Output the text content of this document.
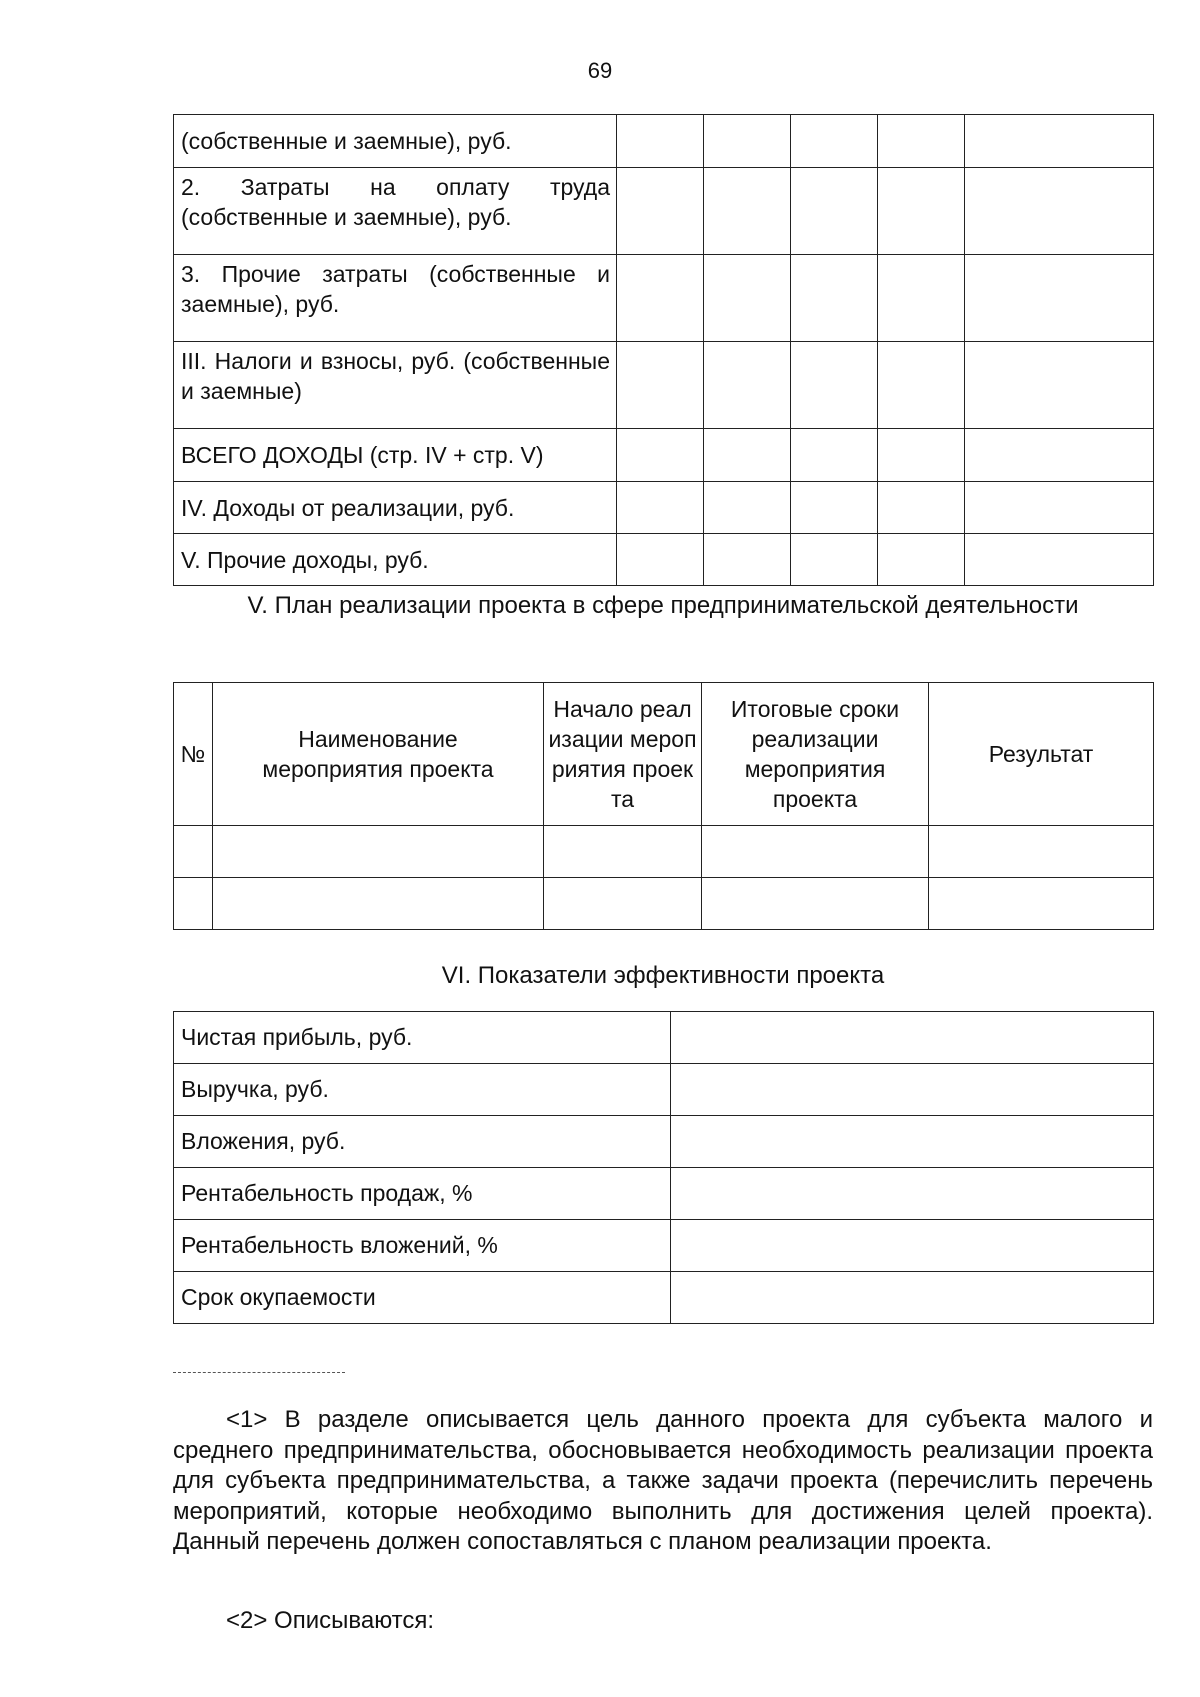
69
(собственные и заемные), руб.					
2. Затраты на оплату труда (собственные и заемные), руб.					
3. Прочие затраты (собственные и заемные), руб.					
III. Налоги и взносы, руб. (собственные и заемные)					
ВСЕГО ДОХОДЫ (стр. IV + стр. V)					
IV. Доходы от реализации, руб.					
V. Прочие доходы, руб.					
V. План реализации проекта в сфере предпринимательской деятельности
№	Наименование мероприятия проекта	Начало реализации мероприятия проекта	Итоговые сроки реализации мероприятия проекта	Результат

VI. Показатели эффективности проекта
Чистая прибыль, руб.	
Выручка, руб.	
Вложения, руб.	
Рентабельность продаж, %	
Рентабельность вложений, %	
Срок окупаемости	

<1> В разделе описывается цель данного проекта для субъекта малого и среднего предпринимательства, обосновывается необходимость реализации проекта для субъекта предпринимательства, а также задачи проекта (перечислить перечень мероприятий, которые необходимо выполнить для достижения целей проекта). Данный перечень должен сопоставляться с планом реализации проекта.

<2> Описываются:
